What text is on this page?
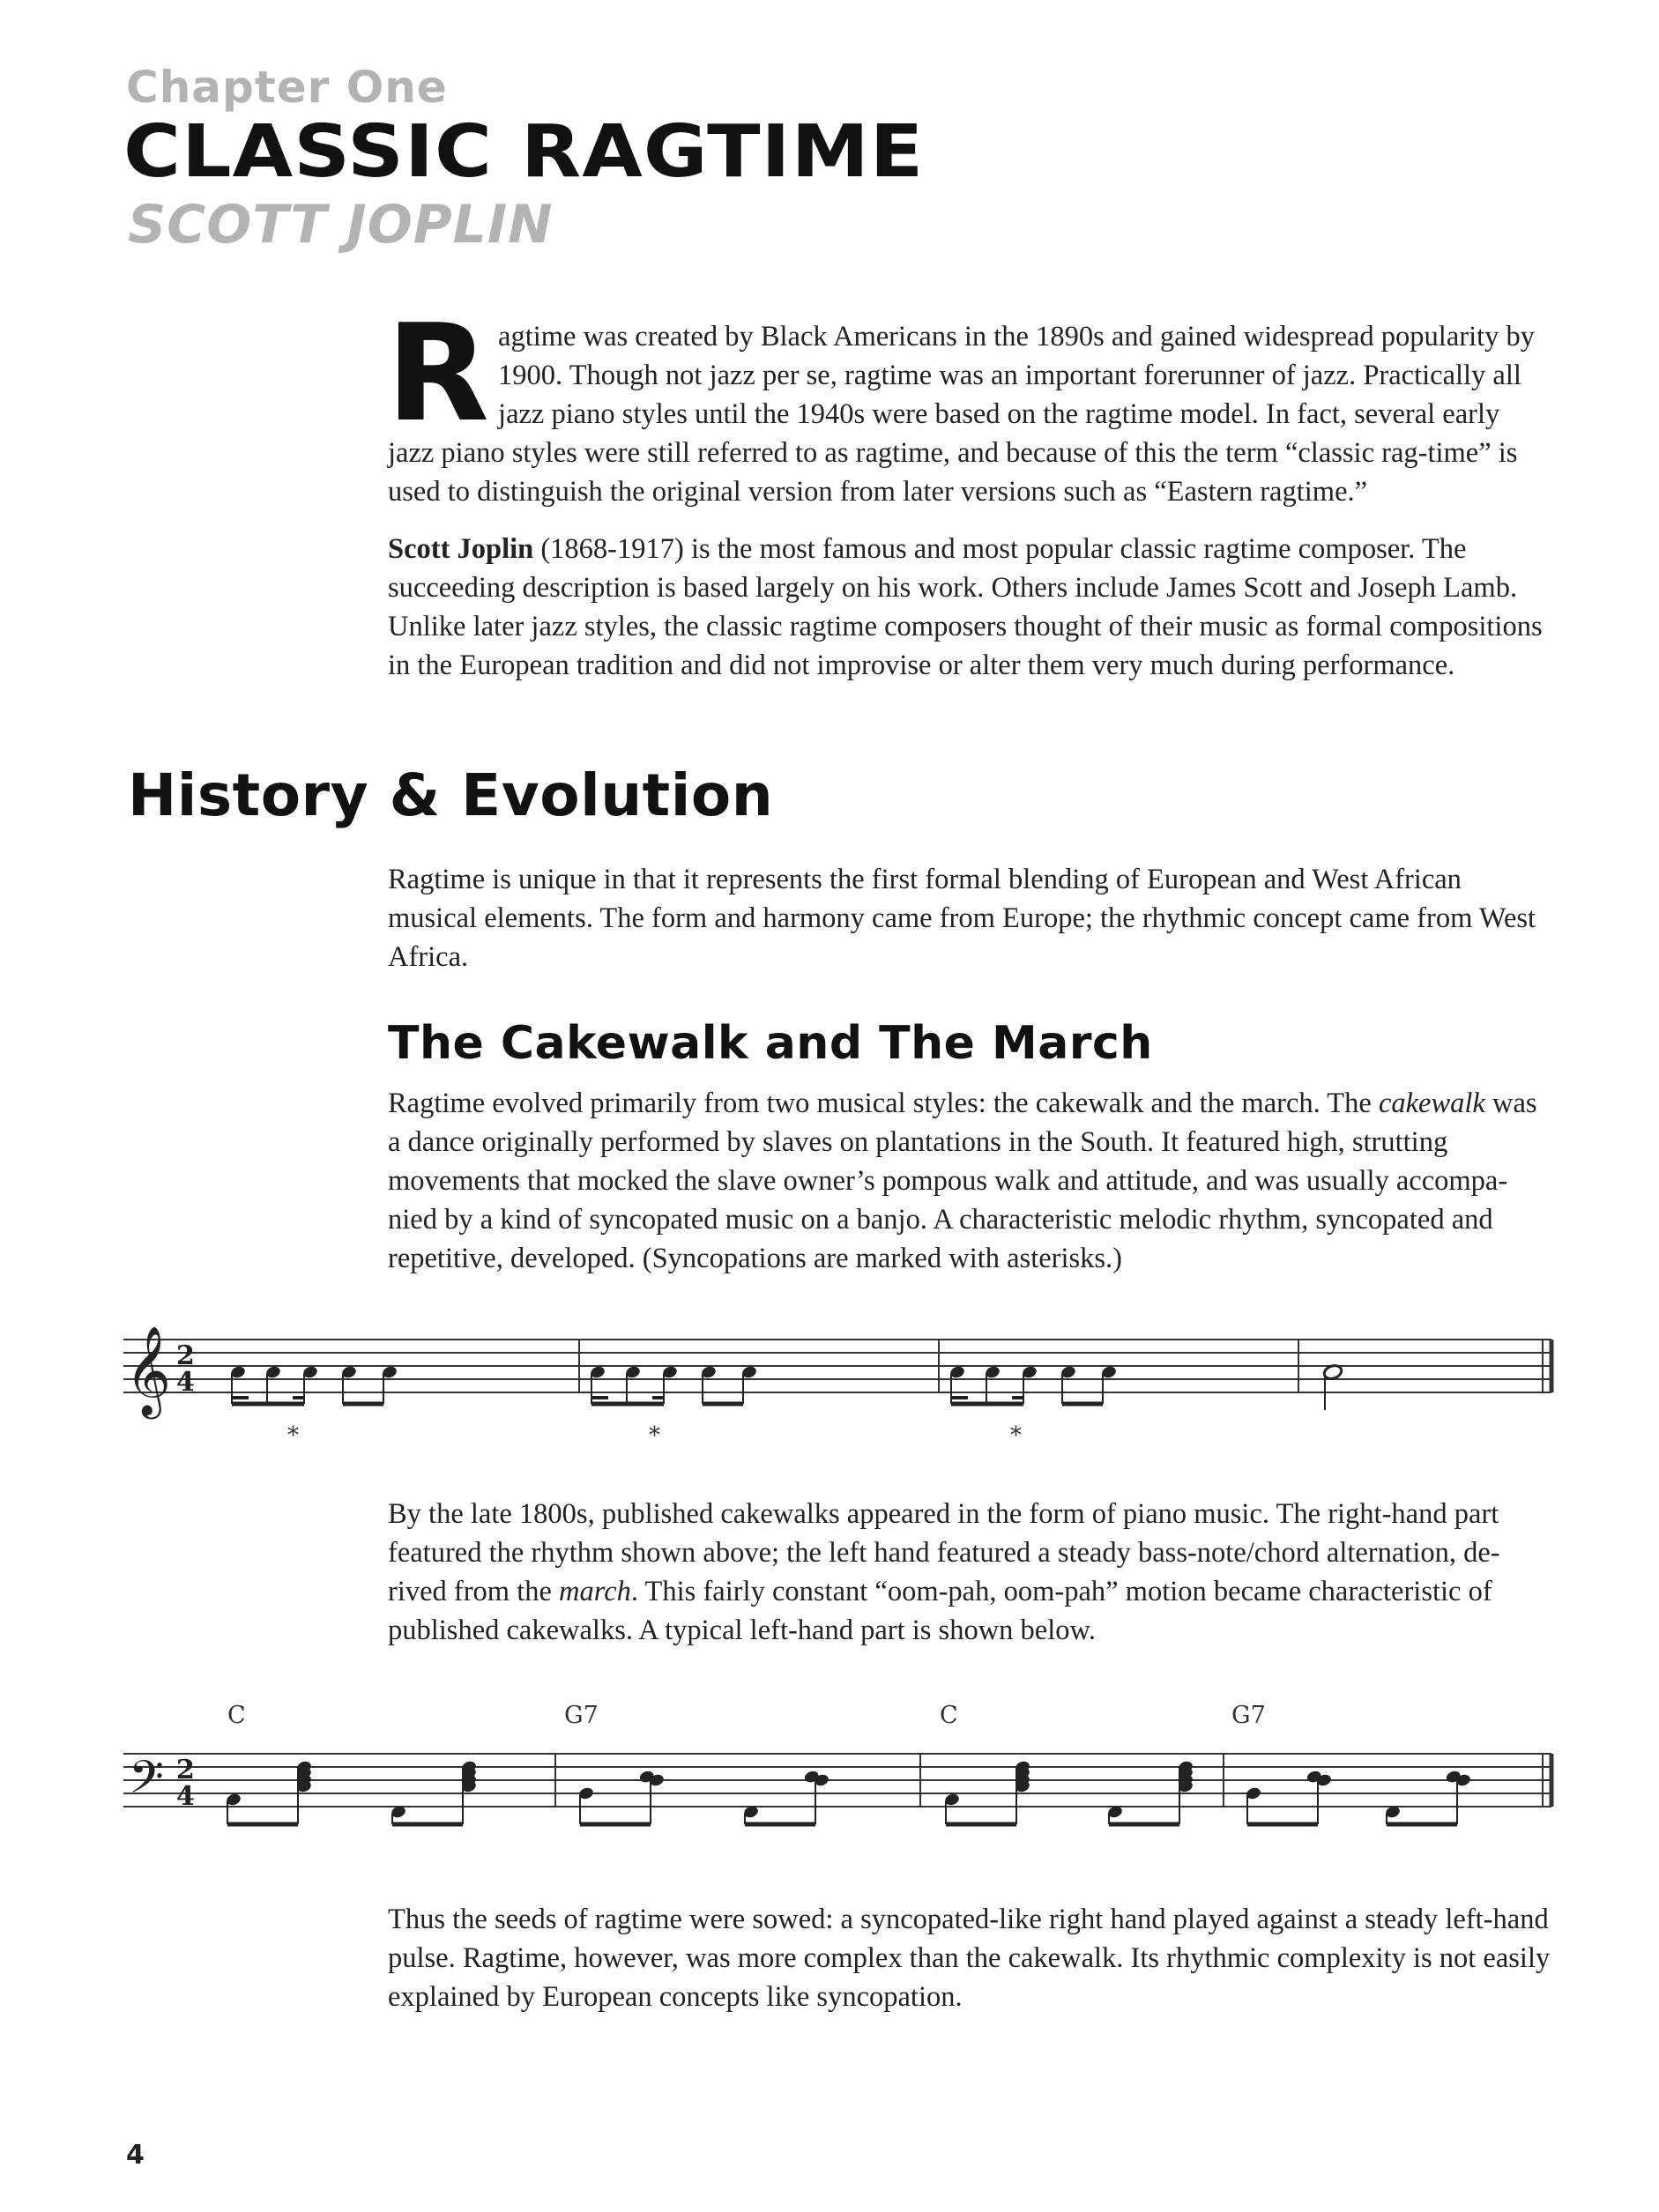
Chapter One
CLASSIC RAGTIME
SCOTT JOPLIN

Ragtime was created by Black Americans in the 1890s and gained widespread popularity by 1900. Though not jazz per se, ragtime was an important forerunner of jazz. Practically all jazz piano styles until the 1940s were based on the ragtime model. In fact, several early jazz piano styles were still referred to as ragtime, and because of this the term “classic rag-time” is used to distinguish the original version from later versions such as “Eastern ragtime.”

Scott Joplin (1868-1917) is the most famous and most popular classic ragtime composer. The succeeding description is based largely on his work. Others include James Scott and Joseph Lamb. Unlike later jazz styles, the classic ragtime composers thought of their music as formal compositions in the European tradition and did not improvise or alter them very much during performance.

History & Evolution

Ragtime is unique in that it represents the first formal blending of European and West African musical elements. The form and harmony came from Europe; the rhythmic concept came from West Africa.

The Cakewalk and The March

Ragtime evolved primarily from two musical styles: the cakewalk and the march. The cakewalk was a dance originally performed by slaves on plantations in the South. It featured high, strutting movements that mocked the slave owner’s pompous walk and attitude, and was usually accompa-nied by a kind of syncopated music on a banjo. A characteristic melodic rhythm, syncopated and repetitive, developed. (Syncopations are marked with asterisks.)

𝄞 2
4
*	*	*

By the late 1800s, published cakewalks appeared in the form of piano music. The right-hand part featured the rhythm shown above; the left hand featured a steady bass-note/chord alternation, de-rived from the march. This fairly constant “oom-pah, oom-pah” motion became characteristic of published cakewalks. A typical left-hand part is shown below.

C	G7	C	G7
𝄢 2
4

Thus the seeds of ragtime were sowed: a syncopated-like right hand played against a steady left-hand pulse. Ragtime, however, was more complex than the cakewalk. Its rhythmic complexity is not easily explained by European concepts like syncopation.

4
